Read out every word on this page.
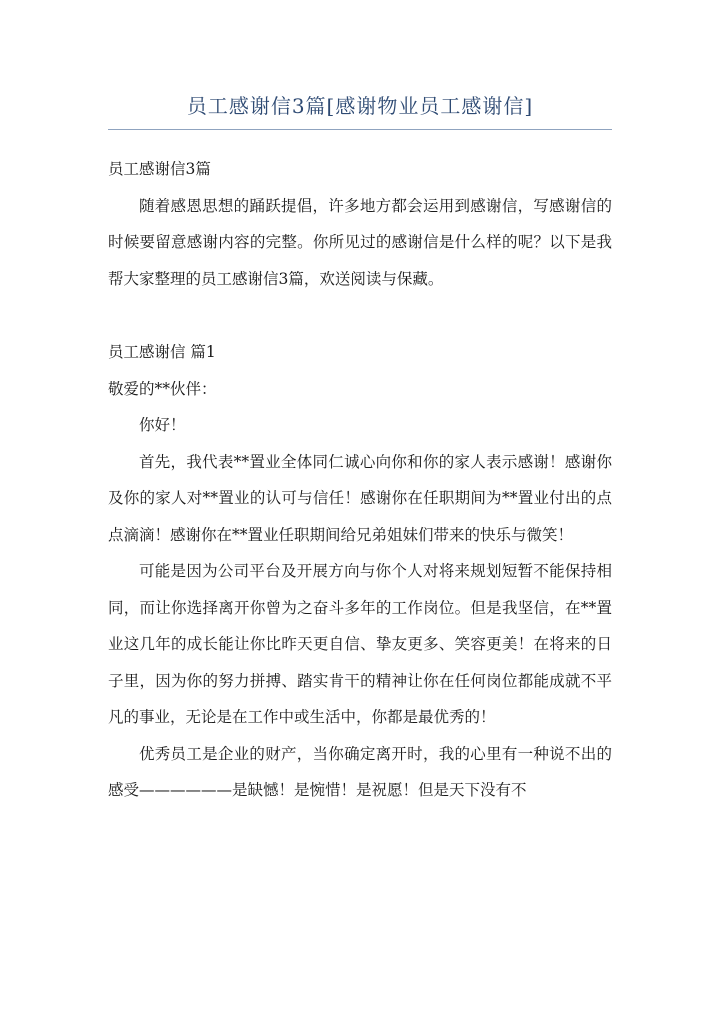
员工感谢信3篇[感谢物业员工感谢信]

员工感谢信3篇

随着感恩思想的踊跃提倡，许多地方都会运用到感谢信，写感谢信的时候要留意感谢内容的完整。你所见过的感谢信是什么样的呢？以下是我帮大家整理的员工感谢信3篇，欢送阅读与保藏。

员工感谢信 篇1

敬爱的**伙伴：

你好！

首先，我代表**置业全体同仁诚心向你和你的家人表示感谢！感谢你及你的家人对**置业的认可与信任！感谢你在任职期间为**置业付出的点点滴滴！感谢你在**置业任职期间给兄弟姐妹们带来的快乐与微笑！

可能是因为公司平台及开展方向与你个人对将来规划短暂不能保持相同，而让你选择离开你曾为之奋斗多年的工作岗位。但是我坚信，在**置业这几年的成长能让你比昨天更自信、挚友更多、笑容更美！在将来的日子里，因为你的努力拼搏、踏实肯干的精神让你在任何岗位都能成就不平凡的事业，无论是在工作中或生活中，你都是最优秀的！

优秀员工是企业的财产，当你确定离开时，我的心里有一种说不出的感受——————是缺憾！是惋惜！是祝愿！但是天下没有不
